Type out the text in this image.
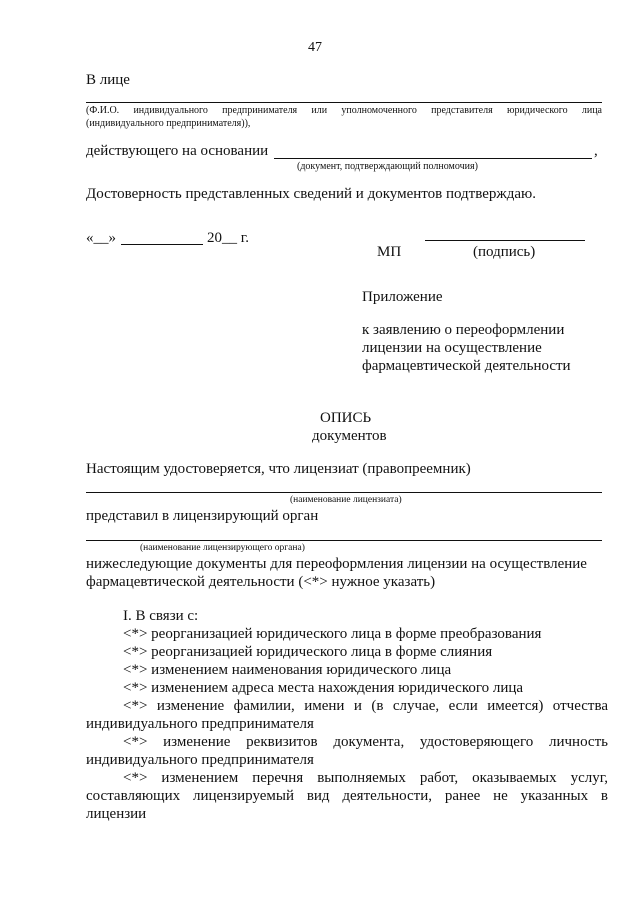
47
В лице
(Ф.И.О. индивидуального предпринимателя или уполномоченного представителя юридического лица
(индивидуального предпринимателя)),
действующего на основании	,
(документ, подтверждающий полномочия)
Достоверность представленных сведений и документов подтверждаю.
«__»	20__ г.
МП	(подпись)
Приложение
к заявлению о переоформлении
лицензии на осуществление
фармацевтической деятельности
ОПИСЬ
документов
Настоящим удостоверяется, что лицензиат (правопреемник)
(наименование лицензиата)
представил в лицензирующий орган
(наименование лицензирующего органа)
нижеследующие документы для переоформления лицензии на осуществление
фармацевтической деятельности (<*> нужное указать)
I. В связи с:
<*> реорганизацией юридического лица в форме преобразования
<*> реорганизацией юридического лица в форме слияния
<*> изменением наименования юридического лица
<*> изменением адреса места нахождения юридического лица
<*> изменение фамилии, имени и (в случае, если имеется) отчества
индивидуального предпринимателя
<*> изменение реквизитов документа, удостоверяющего личность
индивидуального предпринимателя
<*> изменением перечня выполняемых работ, оказываемых услуг,
составляющих лицензируемый вид деятельности, ранее не указанных в
лицензии
